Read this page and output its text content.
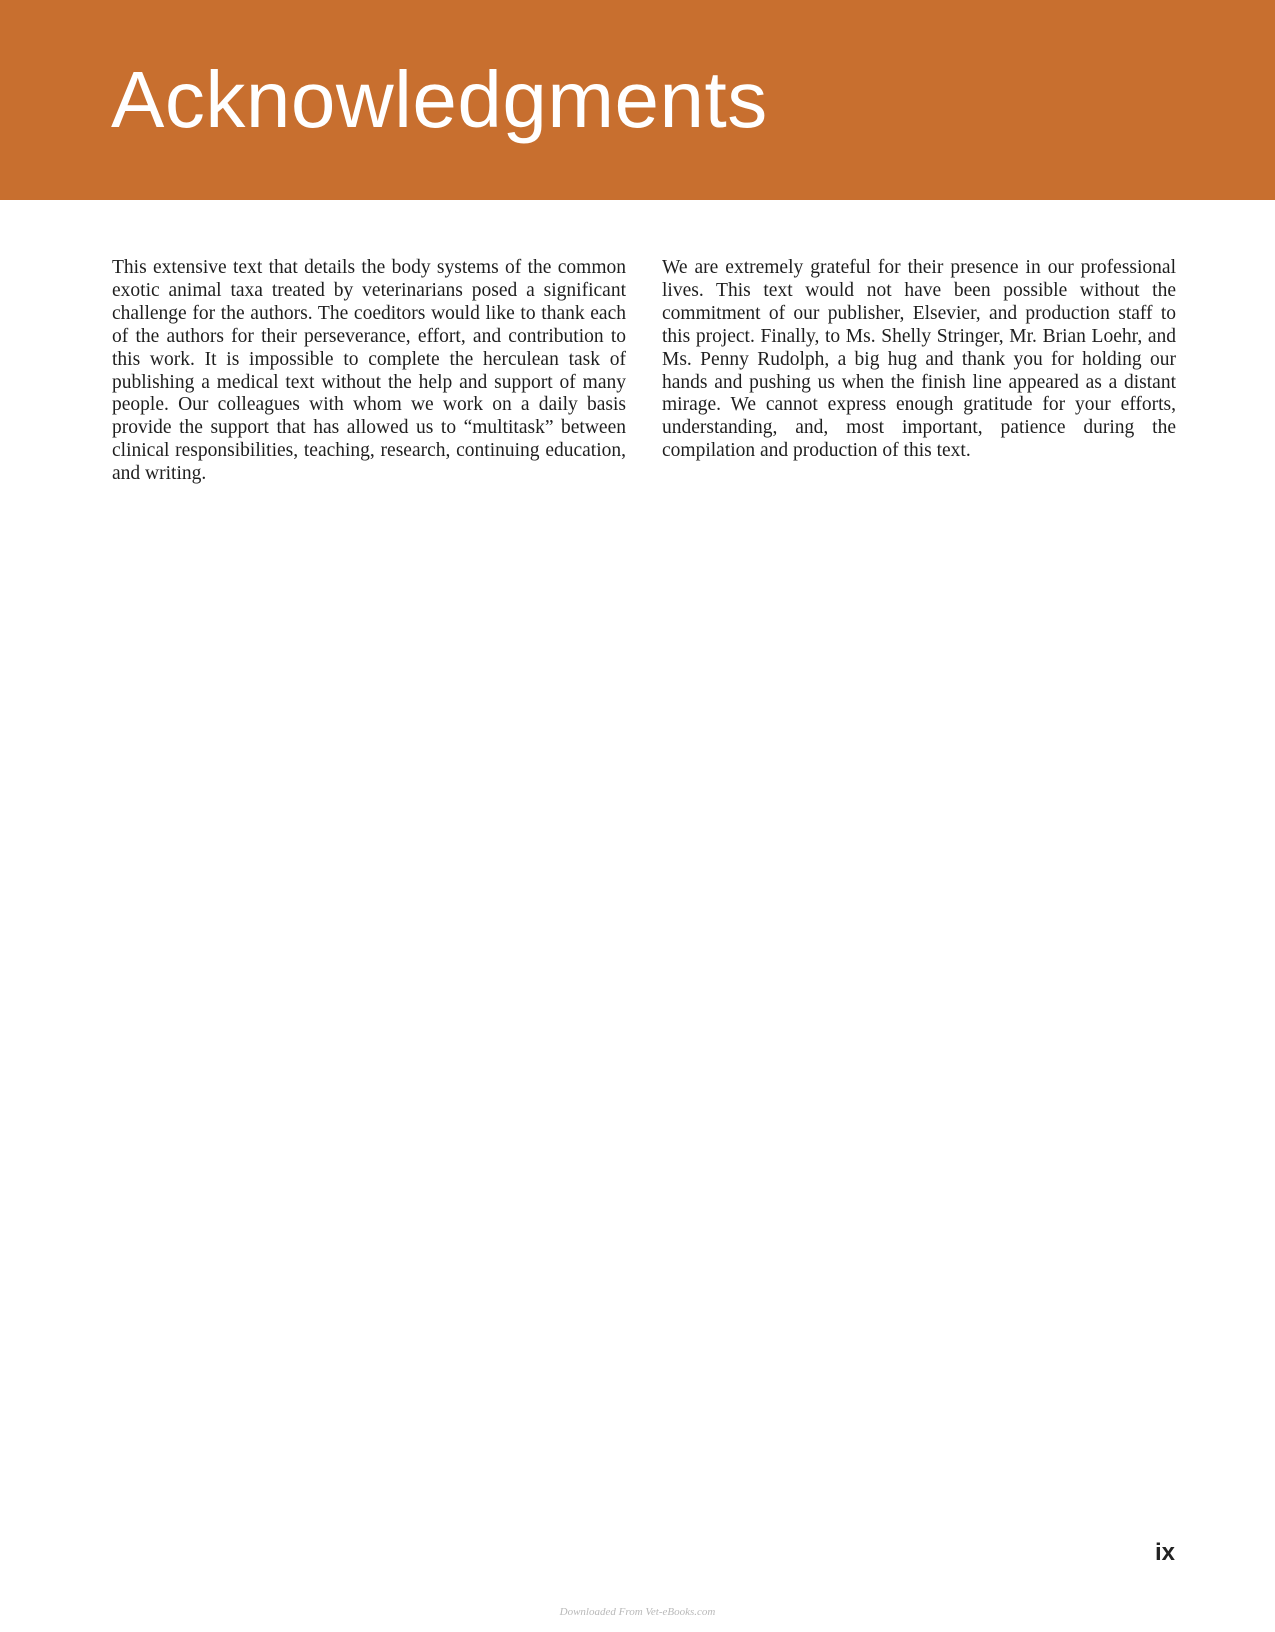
Acknowledgments

This extensive text that details the body systems of the common exotic animal taxa treated by veterinarians posed a significant challenge for the authors. The coeditors would like to thank each of the authors for their perseverance, effort, and contribution to this work. It is impossible to complete the herculean task of publishing a medical text without the help and support of many people. Our colleagues with whom we work on a daily basis provide the support that has allowed us to “multitask” between clinical responsibilities, teaching, research, continuing education, and writing.

We are extremely grateful for their presence in our professional lives. This text would not have been possible without the commitment of our publisher, Elsevier, and production staff to this project. Finally, to Ms. Shelly Stringer, Mr. Brian Loehr, and Ms. Penny Rudolph, a big hug and thank you for holding our hands and pushing us when the finish line appeared as a distant mirage. We cannot express enough gratitude for your efforts, understanding, and, most important, patience during the compilation and production of this text.

ix
Downloaded From Vet-eBooks.com
